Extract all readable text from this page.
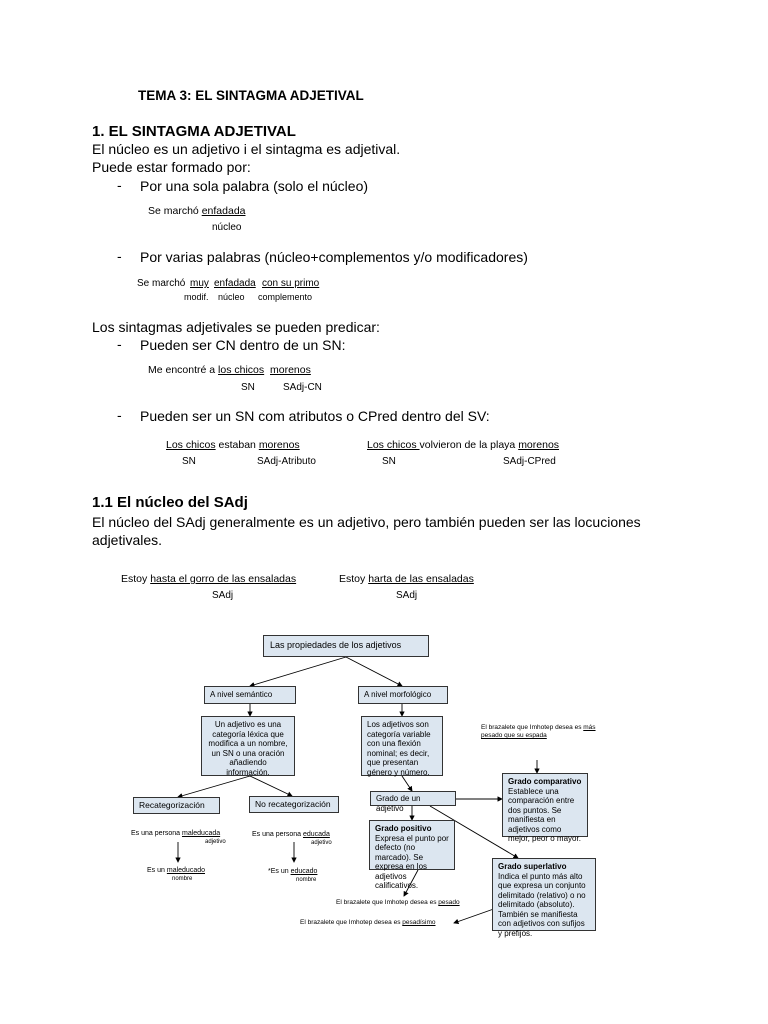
TEMA 3: EL SINTAGMA ADJETIVAL
1. EL SINTAGMA ADJETIVAL
El núcleo es un adjetivo i el sintagma es adjetival.
Puede estar formado por:
- Por una sola palabra (solo el núcleo)
Se marchó enfadada
núcleo
- Por varias palabras (núcleo+complementos y/o modificadores)
Se marchó muy enfadada con su primo
modif. núcleo complemento
Los sintagmas adjetivales se pueden predicar:
- Pueden ser CN dentro de un SN:
Me encontré a los chicos morenos
SN	SAdj-CN
- Pueden ser un SN com atributos o CPred dentro del SV:
Los chicos estaban morenos
SN	SAdj-Atributo
Los chicos volvieron de la playa morenos
SN	SAdj-CPred
1.1 El núcleo del SAdj
El núcleo del SAdj generalmente es un adjetivo, pero también pueden ser las locuciones
adjetivales.
Estoy hasta el gorro de las ensaladas
SAdj
Estoy harta de las ensaladas
SAdj
Las propiedades de los adjetivos
A nivel semántico	A nivel morfológico
Un adjetivo es una categoría léxica que modifica a un nombre, un SN o una oración añadiendo información.
Los adjetivos son categoría variable con una flexión nominal; es decir, que presentan género y número.
Recategorización	No recategorización
Grado de un adjetivo
Grado positivo
Expresa el punto por defecto (no marcado). Se expresa en los adjetivos calificativos.
Grado comparativo
Establece una comparación entre dos puntos. Se manifiesta en adjetivos como mejor, peor o mayor.
Grado superlativo
Indica el punto más alto que expresa un conjunto delimitado (relativo) o no delimitado (absoluto). También se manifiesta con adjetivos con sufijos y prefijos.
Es una persona maleducada
adjetivo
Es un maleducado
nombre
Es una persona educada
adjetivo
*Es un educado
nombre
El brazalete que Imhotep desea es más
pesado que su espada
El brazalete que Imhotep desea es pesado
El brazalete que Imhotep desea es pesadísimo
